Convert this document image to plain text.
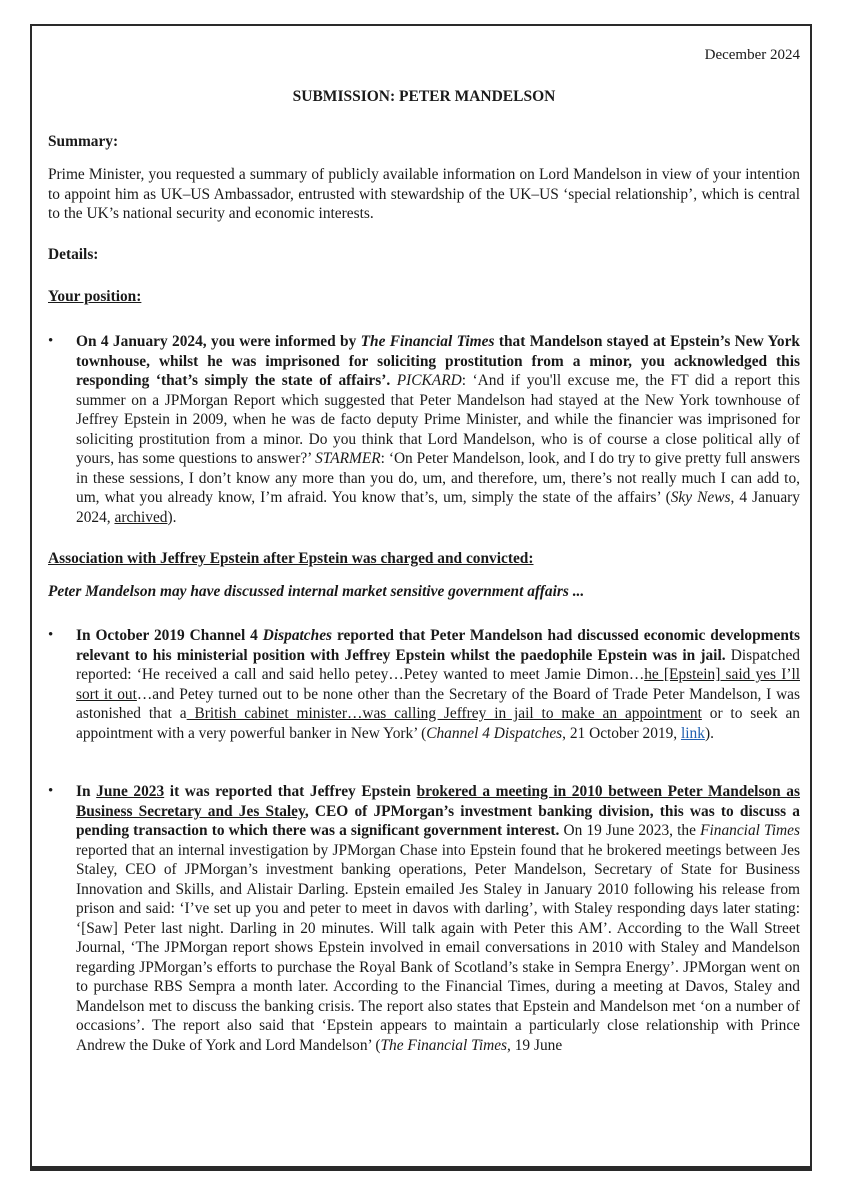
December 2024
SUBMISSION: PETER MANDELSON
Summary:
Prime Minister, you requested a summary of publicly available information on Lord Mandelson in view of your intention to appoint him as UK–US Ambassador, entrusted with stewardship of the UK–US ‘special relationship’, which is central to the UK’s national security and economic interests.
Details:
Your position:
• On 4 January 2024, you were informed by The Financial Times that Mandelson stayed at Epstein’s New York townhouse, whilst he was imprisoned for soliciting prostitution from a minor, you acknowledged this responding ‘that’s simply the state of affairs’. PICKARD: ‘And if you'll excuse me, the FT did a report this summer on a JPMorgan Report which suggested that Peter Mandelson had stayed at the New York townhouse of Jeffrey Epstein in 2009, when he was de facto deputy Prime Minister, and while the financier was imprisoned for soliciting prostitution from a minor. Do you think that Lord Mandelson, who is of course a close political ally of yours, has some questions to answer?’ STARMER: ‘On Peter Mandelson, look, and I do try to give pretty full answers in these sessions, I don’t know any more than you do, um, and therefore, um, there’s not really much I can add to, um, what you already know, I’m afraid. You know that’s, um, simply the state of the affairs’ (Sky News, 4 January 2024, archived).
Association with Jeffrey Epstein after Epstein was charged and convicted:
Peter Mandelson may have discussed internal market sensitive government affairs ...
• In October 2019 Channel 4 Dispatches reported that Peter Mandelson had discussed economic developments relevant to his ministerial position with Jeffrey Epstein whilst the paedophile Epstein was in jail. Dispatched reported: ‘He received a call and said hello petey…Petey wanted to meet Jamie Dimon…he [Epstein] said yes I’ll sort it out…and Petey turned out to be none other than the Secretary of the Board of Trade Peter Mandelson, I was astonished that a British cabinet minister…was calling Jeffrey in jail to make an appointment or to seek an appointment with a very powerful banker in New York’ (Channel 4 Dispatches, 21 October 2019, link).
• In June 2023 it was reported that Jeffrey Epstein brokered a meeting in 2010 between Peter Mandelson as Business Secretary and Jes Staley, CEO of JPMorgan’s investment banking division, this was to discuss a pending transaction to which there was a significant government interest. On 19 June 2023, the Financial Times reported that an internal investigation by JPMorgan Chase into Epstein found that he brokered meetings between Jes Staley, CEO of JPMorgan’s investment banking operations, Peter Mandelson, Secretary of State for Business Innovation and Skills, and Alistair Darling. Epstein emailed Jes Staley in January 2010 following his release from prison and said: ‘I’ve set up you and peter to meet in davos with darling’, with Staley responding days later stating: ‘[Saw] Peter last night. Darling in 20 minutes. Will talk again with Peter this AM’. According to the Wall Street Journal, ‘The JPMorgan report shows Epstein involved in email conversations in 2010 with Staley and Mandelson regarding JPMorgan’s efforts to purchase the Royal Bank of Scotland’s stake in Sempra Energy’. JPMorgan went on to purchase RBS Sempra a month later. According to the Financial Times, during a meeting at Davos, Staley and Mandelson met to discuss the banking crisis. The report also states that Epstein and Mandelson met ‘on a number of occasions’. The report also said that ‘Epstein appears to maintain a particularly close relationship with Prince Andrew the Duke of York and Lord Mandelson’ (The Financial Times, 19 June
